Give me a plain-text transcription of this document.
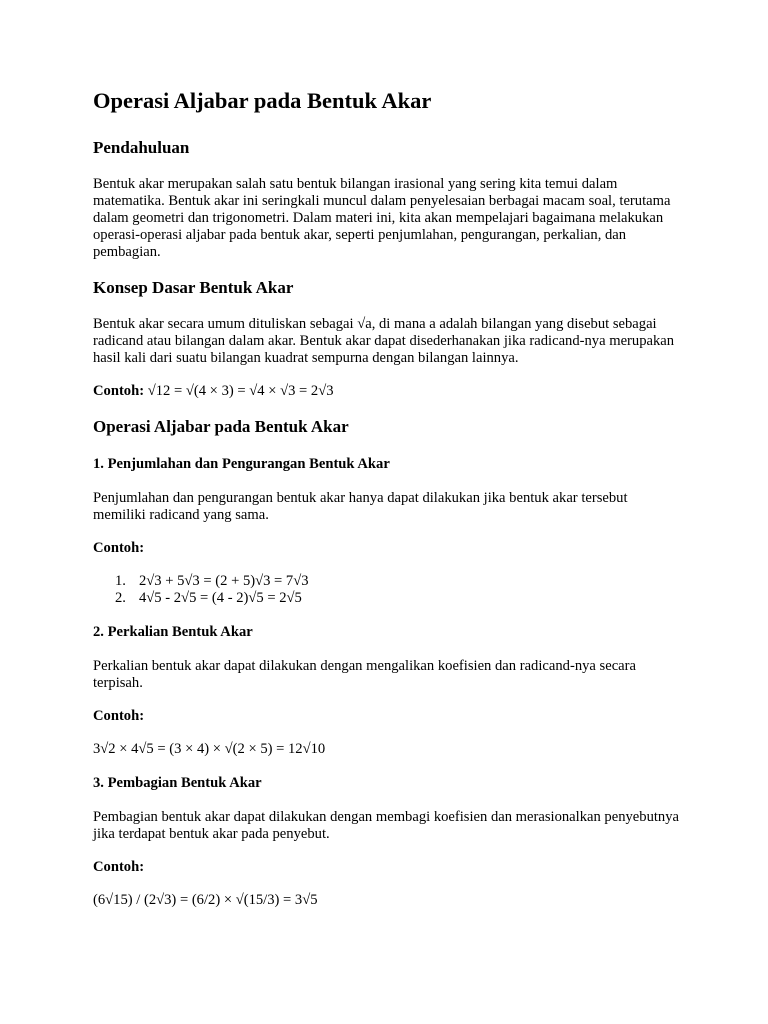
Operasi Aljabar pada Bentuk Akar
Pendahuluan

Bentuk akar merupakan salah satu bentuk bilangan irasional yang sering kita temui dalam matematika. Bentuk akar ini seringkali muncul dalam penyelesaian berbagai macam soal, terutama dalam geometri dan trigonometri. Dalam materi ini, kita akan mempelajari bagaimana melakukan operasi-operasi aljabar pada bentuk akar, seperti penjumlahan, pengurangan, perkalian, dan pembagian.

Konsep Dasar Bentuk Akar

Bentuk akar secara umum dituliskan sebagai √a, di mana a adalah bilangan yang disebut sebagai radicand atau bilangan dalam akar. Bentuk akar dapat disederhanakan jika radicand-nya merupakan hasil kali dari suatu bilangan kuadrat sempurna dengan bilangan lainnya.

Contoh: √12 = √(4 × 3) = √4 × √3 = 2√3

Operasi Aljabar pada Bentuk Akar
1. Penjumlahan dan Pengurangan Bentuk Akar

Penjumlahan dan pengurangan bentuk akar hanya dapat dilakukan jika bentuk akar tersebut memiliki radicand yang sama.

Contoh:

1. 2√3 + 5√3 = (2 + 5)√3 = 7√3
2. 4√5 - 2√5 = (4 - 2)√5 = 2√5
2. Perkalian Bentuk Akar

Perkalian bentuk akar dapat dilakukan dengan mengalikan koefisien dan radicand-nya secara terpisah.

Contoh:

3√2 × 4√5 = (3 × 4) × √(2 × 5) = 12√10

3. Pembagian Bentuk Akar

Pembagian bentuk akar dapat dilakukan dengan membagi koefisien dan merasionalkan penyebutnya jika terdapat bentuk akar pada penyebut.

Contoh:

(6√15) / (2√3) = (6/2) × √(15/3) = 3√5
